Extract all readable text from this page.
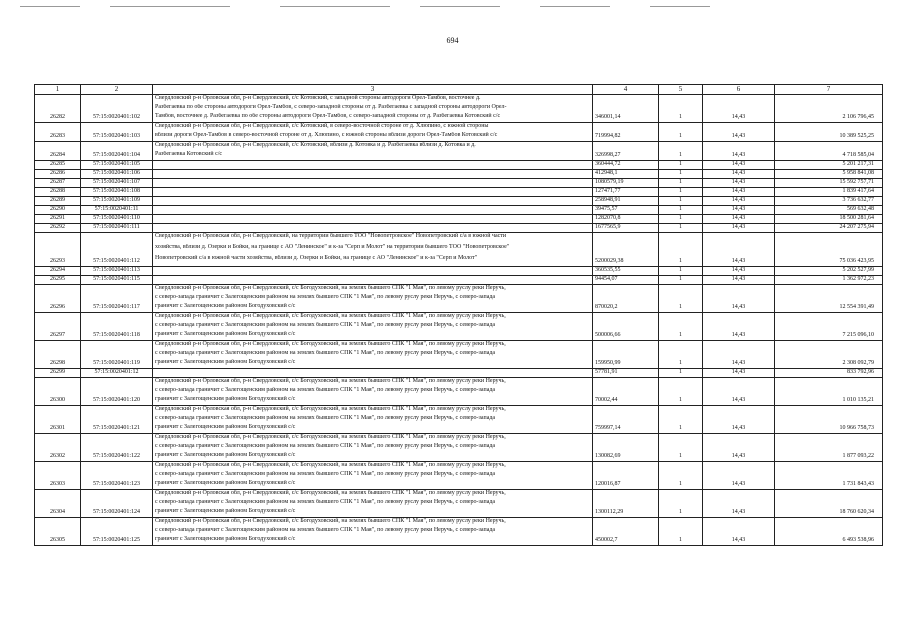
694
1	2	3	4	5	6	7
26282	57:15:0020401:102	Свердловский р-н Орловская обл, р-н Свердловский, с/с Котовский, с западной стороны автодороги Орел-Тамбов, восточнее д.
Разбегаевка по обе стороны автодороги Орел-Тамбов, с северо-западной стороны от д. Разбегаевка с западной стороны автодороги Орел-
Тамбов, восточнее д. Разбегаевка по обе стороны автодороги Орел-Тамбов, с северо-западной стороны от д. Разбегаевка Котовский с/с	346001,14	1	14,43	2 106 796,45
26283	57:15:0020401:103	Свердловский р-н Орловская обл, р-н Свердловский, с/с Котовский, в северо-восточной стороне от д. Хлюпино, с южной стороны
вблизи дороги Орел-Тамбов в северо-восточной стороне от д. Хлюпино, с южной стороны вблизи дороги Орел-Тамбов Котовский с/с	719994,82	1	14,43	10 389 525,25
26284	57:15:0020401:104	Свердловский р-н Орловская обл, р-н Свердловский, с/с Котовский, вблизи д. Котовка и д. Разбегаевка вблизи д. Котовка и д.
Разбегаевка Котовский с/с	326998,27	1	14,43	4 718 585,04
26285	57:15:0020401:105		360444,72	1	14,43	5 201 217,31
26286	57:15:0020401:106		412948,1	1	14,43	5 958 841,08
26287	57:15:0020401:107		1080579,19	1	14,43	15 592 757,71
26288	57:15:0020401:108		127471,77	1	14,43	1 839 417,64
26289	57:15:0020401:109		258948,91	1	14,43	3 736 632,77
26290	57:15:0020401:11		39475,57	1	14,43	569 632,48
26291	57:15:0020401:110		1282070,8	1	14,43	18 500 281,64
26292	57:15:0020401:111		1677565,9	1	14,43	24 207 275,94
26293	57:15:0020401:112	Свердловский р-н Орловская обл, р-н Свердловский, на территории бывшего ТОО "Новопетровское" Новопетровский с/а в южной части
хозяйства, вблизи д. Озерки и Бойки, на границе с АО "Ленинское" и к-за "Серп и Молот" на территории бывшего ТОО "Новопетровское"
Новопетровский с/а в южной части хозяйства, вблизи д. Озерки и Бойки, на границе с АО "Ленинское" и к-за "Серп и Молот"	5200029,38	1	14,43	75 036 423,95
26294	57:15:0020401:113		360535,55	1	14,43	5 202 527,99
26295	57:15:0020401:115		94454,07	1	14,43	1 362 972,23
26296	57:15:0020401:117	Свердловский р-н Орловская обл, р-н Свердловский, с/с Богодуховский, на землях бывшего СПК "1 Мая", по левому руслу реки Неручь,
с северо-запада граничит с Залегощенским районом на землях бывшего СПК "1 Мая", по левому руслу реки Неручь, с северо-запада
граничит с Залегощенским районом Богодуховский с/с	870020,2	1	14,43	12 554 391,49
26297	57:15:0020401:118	Свердловский р-н Орловская обл, р-н Свердловский, с/с Богодуховский, на землях бывшего СПК "1 Мая", по левому руслу реки Неручь,
с северо-запада граничит с Залегощенским районом на землях бывшего СПК "1 Мая", по левому руслу реки Неручь, с северо-запада
граничит с Залегощенским районом Богодуховский с/с	500006,66	1	14,43	7 215 096,10
26298	57:15:0020401:119	Свердловский р-н Орловская обл, р-н Свердловский, с/с Богодуховский, на землях бывшего СПК "1 Мая", по левому руслу реки Неручь,
с северо-запада граничит с Залегощенским районом на землях бывшего СПК "1 Мая", по левому руслу реки Неручь, с северо-запада
граничит с Залегощенским районом Богодуховский с/с	159950,99	1	14,43	2 308 092,79
26299	57:15:0020401:12		57781,91	1	14,43	833 792,96
26300	57:15:0020401:120	Свердловский р-н Орловская обл, р-н Свердловский, с/с Богодуховский, на землях бывшего СПК "1 Мая", по левому руслу реки Неручь,
с северо-запада граничит с Залегощенским районом на землях бывшего СПК "1 Мая", по левому руслу реки Неручь, с северо-запада
граничит с Залегощенским районом Богодуховский с/с	70002,44	1	14,43	1 010 135,21
26301	57:15:0020401:121	Свердловский р-н Орловская обл, р-н Свердловский, с/с Богодуховский, на землях бывшего СПК "1 Мая", по левому руслу реки Неручь,
с северо-запада граничит с Залегощенским районом на землях бывшего СПК "1 Мая", по левому руслу реки Неручь, с северо-запада
граничит с Залегощенским районом Богодуховский с/с	759997,14	1	14,43	10 966 758,73
26302	57:15:0020401:122	Свердловский р-н Орловская обл, р-н Свердловский, с/с Богодуховский, на землях бывшего СПК "1 Мая", по левому руслу реки Неручь,
с северо-запада граничит с Залегощенским районом на землях бывшего СПК "1 Мая", по левому руслу реки Неручь, с северо-запада
граничит с Залегощенским районом Богодуховский с/с	130082,69	1	14,43	1 877 093,22
26303	57:15:0020401:123	Свердловский р-н Орловская обл, р-н Свердловский, с/с Богодуховский, на землях бывшего СПК "1 Мая", по левому руслу реки Неручь,
с северо-запада граничит с Залегощенским районом на землях бывшего СПК "1 Мая", по левому руслу реки Неручь, с северо-запада
граничит с Залегощенским районом Богодуховский с/с	120016,87	1	14,43	1 731 843,43
26304	57:15:0020401:124	Свердловский р-н Орловская обл, р-н Свердловский, с/с Богодуховский, на землях бывшего СПК "1 Мая", по левому руслу реки Неручь,
с северо-запада граничит с Залегощенским районом на землях бывшего СПК "1 Мая", по левому руслу реки Неручь, с северо-запада
граничит с Залегощенским районом Богодуховский с/с	1300112,29	1	14,43	18 760 620,34
26305	57:15:0020401:125	Свердловский р-н Орловская обл, р-н Свердловский, с/с Богодуховский, на землях бывшего СПК "1 Мая", по левому руслу реки Неручь,
с северо-запада граничит с Залегощенским районом на землях бывшего СПК "1 Мая", по левому руслу реки Неручь, с северо-запада
граничит с Залегощенским районом Богодуховский с/с	450002,7	1	14,43	6 493 538,96
